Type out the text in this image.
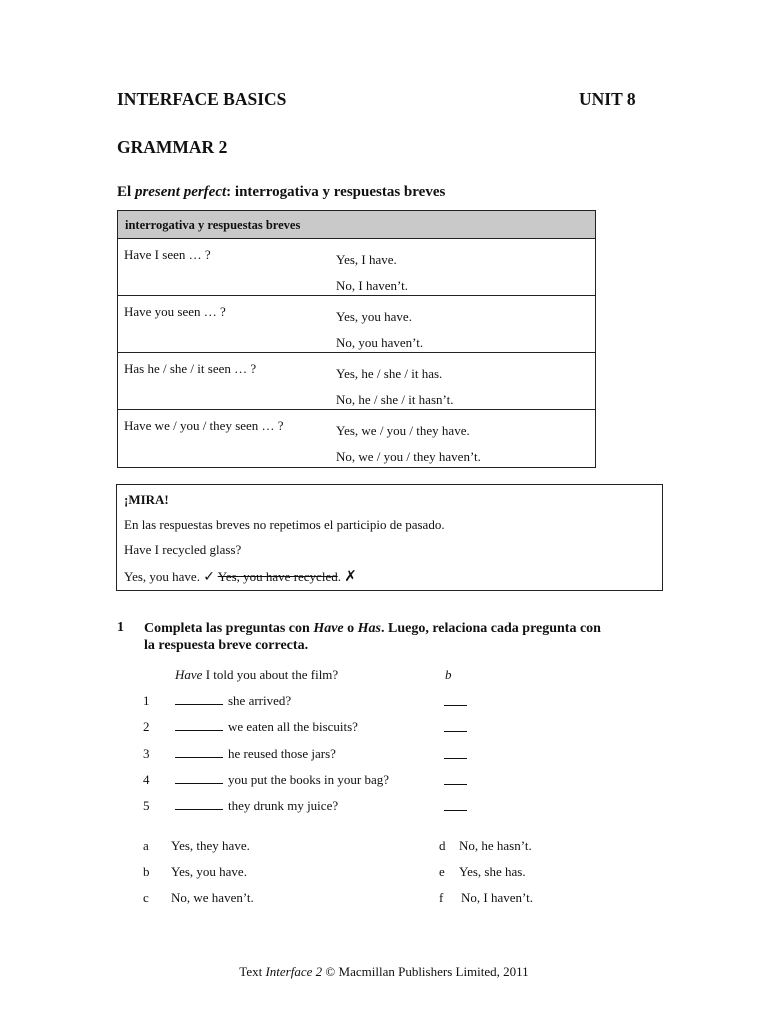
INTERFACE BASICS	UNIT 8
GRAMMAR 2
El present perfect: interrogativa y respuestas breves
interrogativa y respuestas breves
Have I seen … ?	Yes, I have.
No, I haven’t.
Have you seen … ?	Yes, you have.
No, you haven’t.
Has he / she / it seen … ?	Yes, he / she / it has.
No, he / she / it hasn’t.
Have we / you / they seen … ?	Yes, we / you / they have.
No, we / you / they haven’t.
¡MIRA!
En las respuestas breves no repetimos el participio de pasado.
Have I recycled glass?
Yes, you have. ✓ Yes, you have recycled. ✗
1 Completa las preguntas con Have o Has. Luego, relaciona cada pregunta con
la respuesta breve correcta.
Have I told you about the film?	b
1	she arrived?
2	we eaten all the biscuits?
3	he reused those jars?
4	you put the books in your bag?
5	they drunk my juice?
a Yes, they have.
b Yes, you have.
c No, we haven’t.
d No, he hasn’t.
e Yes, she has.
f No, I haven’t.
Text Interface 2 © Macmillan Publishers Limited, 2011
